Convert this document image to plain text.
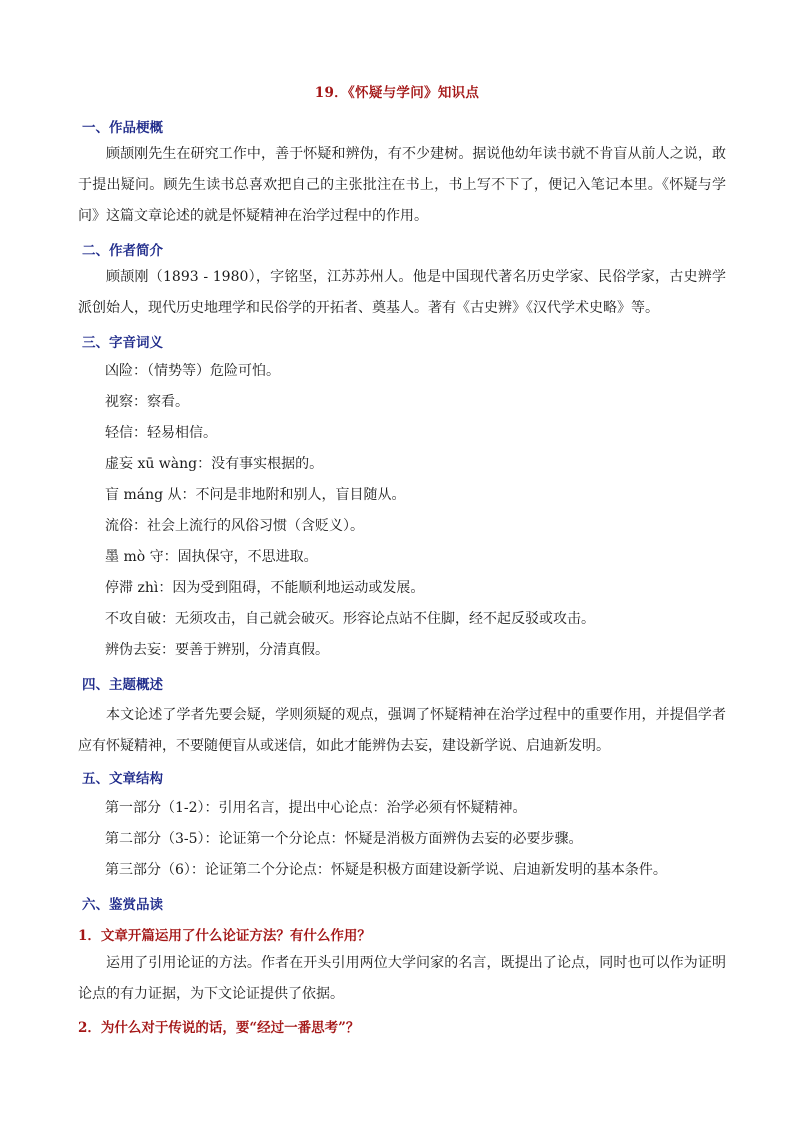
19．《怀疑与学问》知识点
一、作品梗概
顾颉刚先生在研究工作中，善于怀疑和辨伪，有不少建树。据说他幼年读书就不肯盲从前人之说，敢于提出疑问。顾先生读书总喜欢把自己的主张批注在书上，书上写不下了，便记入笔记本里。《怀疑与学问》这篇文章论述的就是怀疑精神在治学过程中的作用。
二、作者简介
顾颉刚（1893 - 1980），字铭坚，江苏苏州人。他是中国现代著名历史学家、民俗学家，古史辨学派创始人，现代历史地理学和民俗学的开拓者、奠基人。著有《古史辨》《汉代学术史略》等。
三、字音词义
凶险：（情势等）危险可怕。
视察：察看。
轻信：轻易相信。
虚妄 xū wàng：没有事实根据的。
盲 máng 从：不问是非地附和别人，盲目随从。
流俗：社会上流行的风俗习惯（含贬义）。
墨 mò 守：固执保守，不思进取。
停滞 zhì：因为受到阻碍，不能顺利地运动或发展。
不攻自破：无须攻击，自己就会破灭。形容论点站不住脚，经不起反驳或攻击。
辨伪去妄：要善于辨别，分清真假。
四、主题概述
本文论述了学者先要会疑，学则须疑的观点，强调了怀疑精神在治学过程中的重要作用，并提倡学者应有怀疑精神，不要随便盲从或迷信，如此才能辨伪去妄，建设新学说、启迪新发明。
五、文章结构
第一部分（1-2）：引用名言，提出中心论点：治学必须有怀疑精神。
第二部分（3-5）：论证第一个分论点：怀疑是消极方面辨伪去妄的必要步骤。
第三部分（6）：论证第二个分论点：怀疑是积极方面建设新学说、启迪新发明的基本条件。
六、鉴赏品读
1．文章开篇运用了什么论证方法？有什么作用？
运用了引用论证的方法。作者在开头引用两位大学问家的名言，既提出了论点，同时也可以作为证明论点的有力证据，为下文论证提供了依据。
2．为什么对于传说的话，要“经过一番思考”？
